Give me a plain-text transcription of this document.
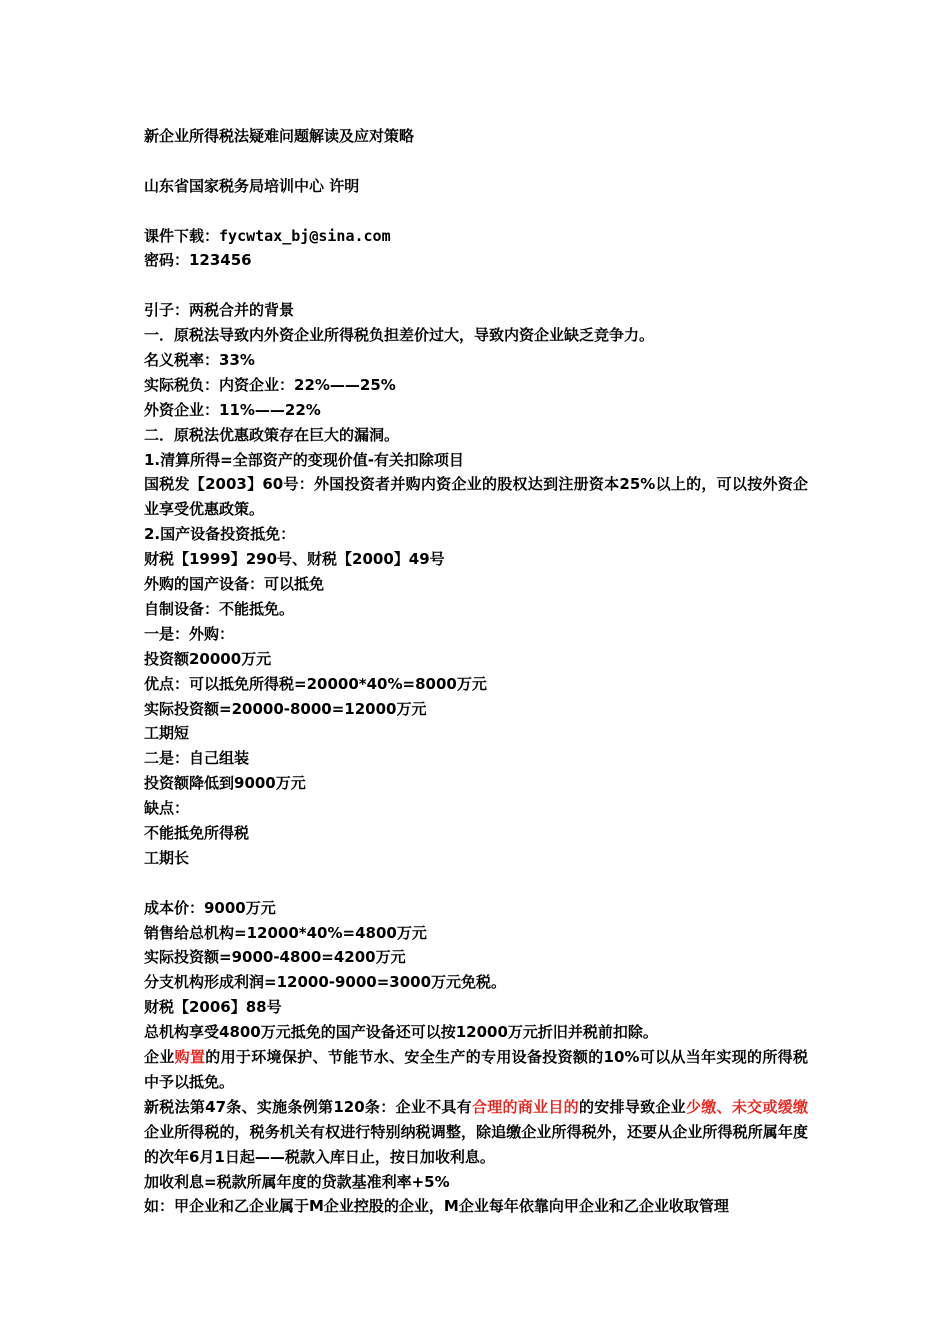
新企业所得税法疑难问题解读及应对策略
山东省国家税务局培训中心 许明
课件下载：fycwtax_bj@sina.com
密码：123456
引子：两税合并的背景
一．原税法导致内外资企业所得税负担差价过大，导致内资企业缺乏竞争力。
名义税率：33%
实际税负：内资企业：22%——25%
外资企业：11%——22%
二．原税法优惠政策存在巨大的漏洞。
1.清算所得=全部资产的变现价值-有关扣除项目
国税发【2003】60号：外国投资者并购内资企业的股权达到注册资本25%以上的，可以按外资企业享受优惠政策。
2.国产设备投资抵免：
财税【1999】290号、财税【2000】49号
外购的国产设备：可以抵免
自制设备：不能抵免。
一是：外购：
投资额20000万元
优点：可以抵免所得税=20000*40%=8000万元
实际投资额=20000-8000=12000万元
工期短
二是：自己组装
投资额降低到9000万元
缺点：
不能抵免所得税
工期长
成本价：9000万元
销售给总机构=12000*40%=4800万元
实际投资额=9000-4800=4200万元
分支机构形成利润=12000-9000=3000万元免税。
财税【2006】88号
总机构享受4800万元抵免的国产设备还可以按12000万元折旧并税前扣除。
企业购置的用于环境保护、节能节水、安全生产的专用设备投资额的10%可以从当年实现的所得税中予以抵免。
新税法第47条、实施条例第120条：企业不具有合理的商业目的的安排导致企业少缴、未交或缓缴企业所得税的，税务机关有权进行特别纳税调整，除追缴企业所得税外，还要从企业所得税所属年度的次年6月1日起——税款入库日止，按日加收利息。
加收利息=税款所属年度的贷款基准利率+5%
如：甲企业和乙企业属于M企业控股的企业，M企业每年依靠向甲企业和乙企业收取管理
